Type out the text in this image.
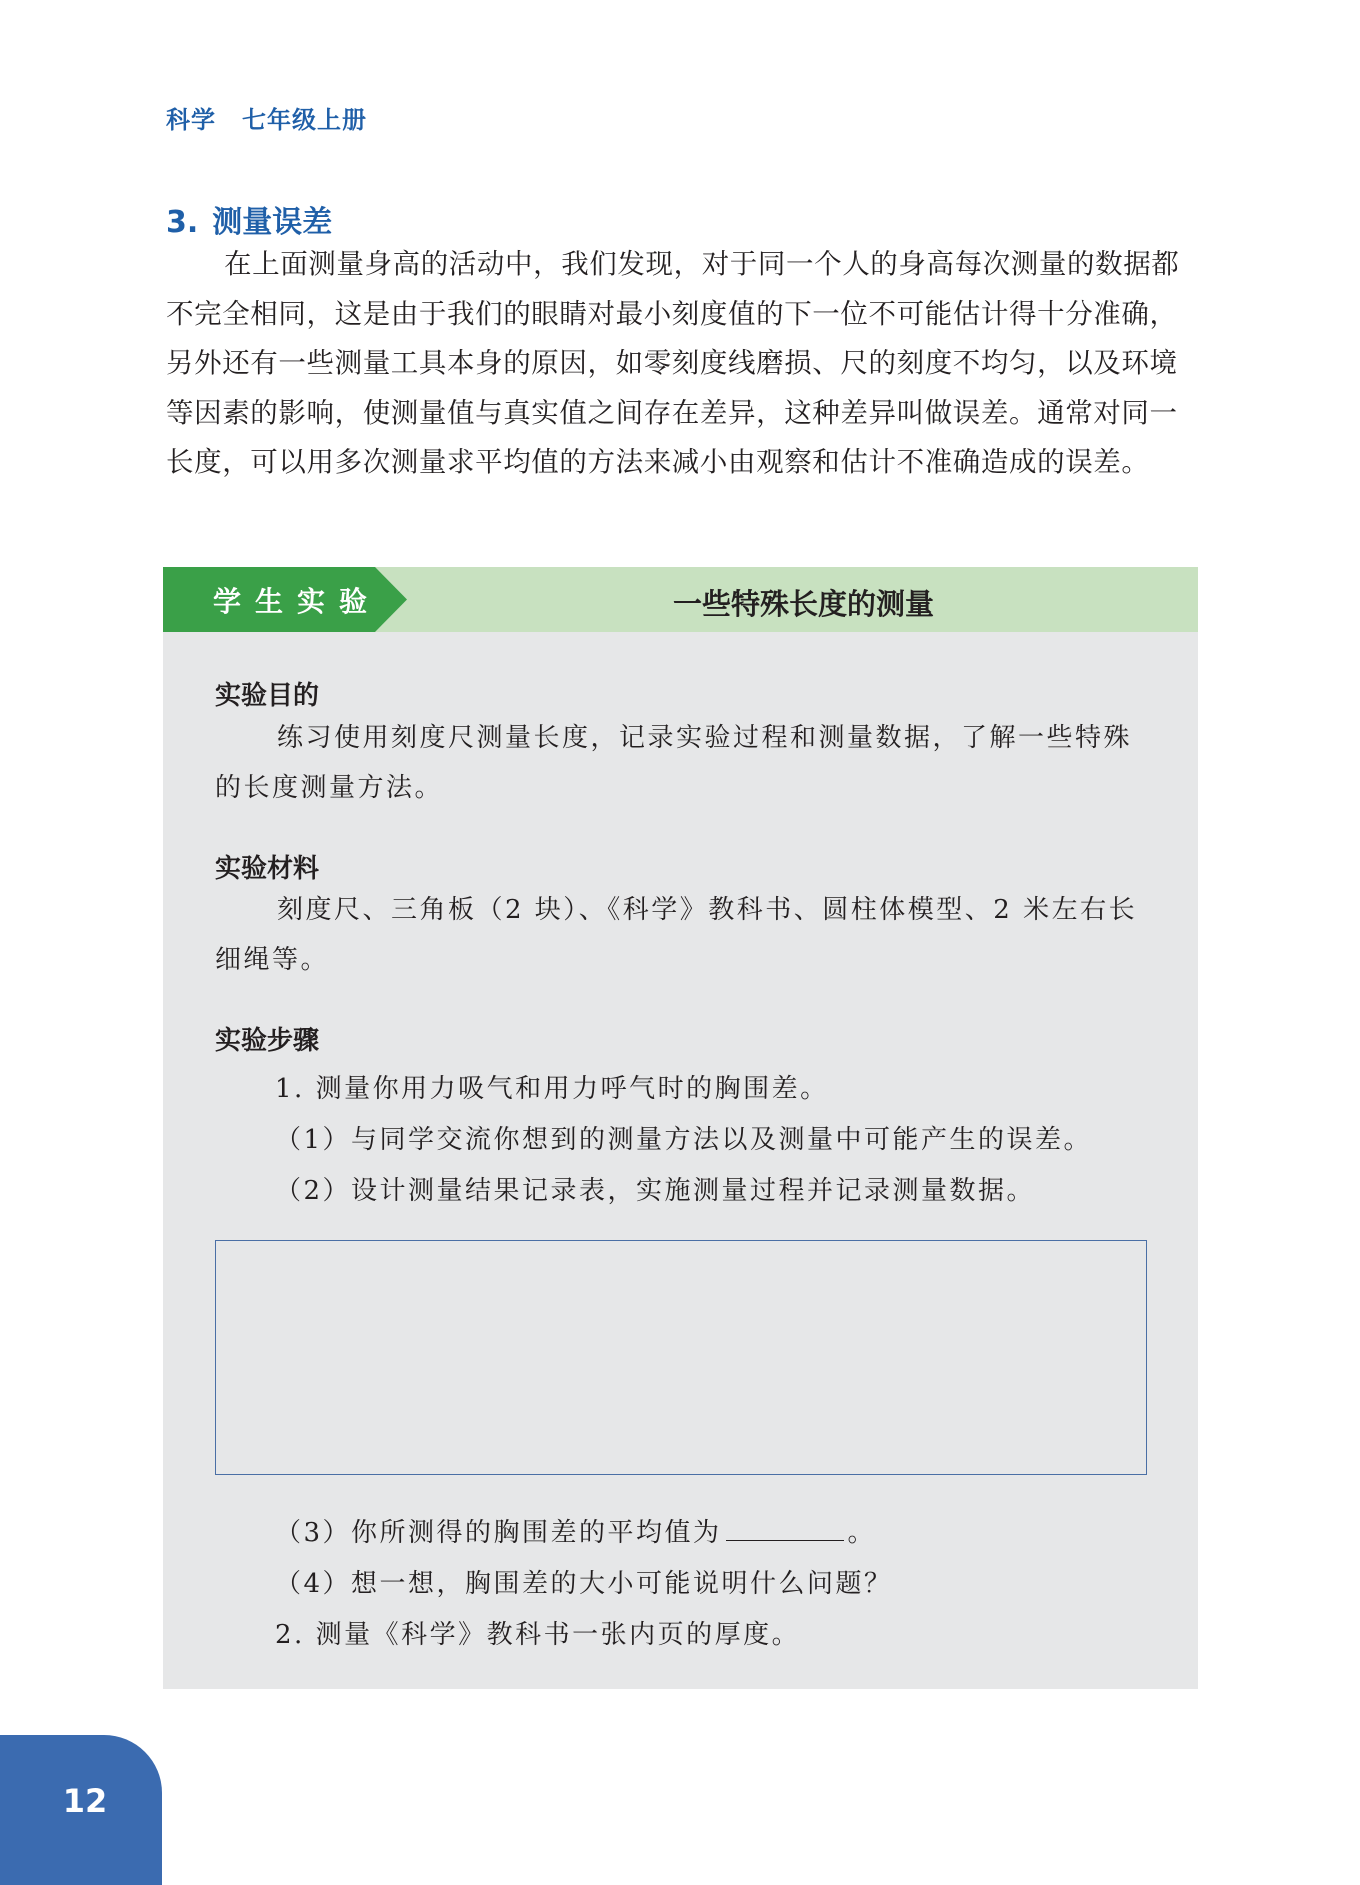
科学 七年级上册
3. 测量误差

在上面测量身高的活动中，我们发现，对于同一个人的身高每次测量的数据都不完全相同，这是由于我们的眼睛对最小刻度值的下一位不可能估计得十分准确，另外还有一些测量工具本身的原因，如零刻度线磨损、尺的刻度不均匀，以及环境等因素的影响，使测量值与真实值之间存在差异，这种差异叫做误差。通常对同一长度，可以用多次测量求平均值的方法来减小由观察和估计不准确造成的误差。

学生实验	一些特殊长度的测量
实验目的

练习使用刻度尺测量长度，记录实验过程和测量数据，了解一些特殊的长度测量方法。

实验材料

刻度尺、三角板（2 块）、《科学》教科书、圆柱体模型、2 米左右长细绳等。

实验步骤
1. 测量你用力吸气和用力呼气时的胸围差。
（1）与同学交流你想到的测量方法以及测量中可能产生的误差。
（2）设计测量结果记录表，实施测量过程并记录测量数据。
（3）你所测得的胸围差的平均值为	。
（4）想一想，胸围差的大小可能说明什么问题？
2. 测量《科学》教科书一张内页的厚度。
12
